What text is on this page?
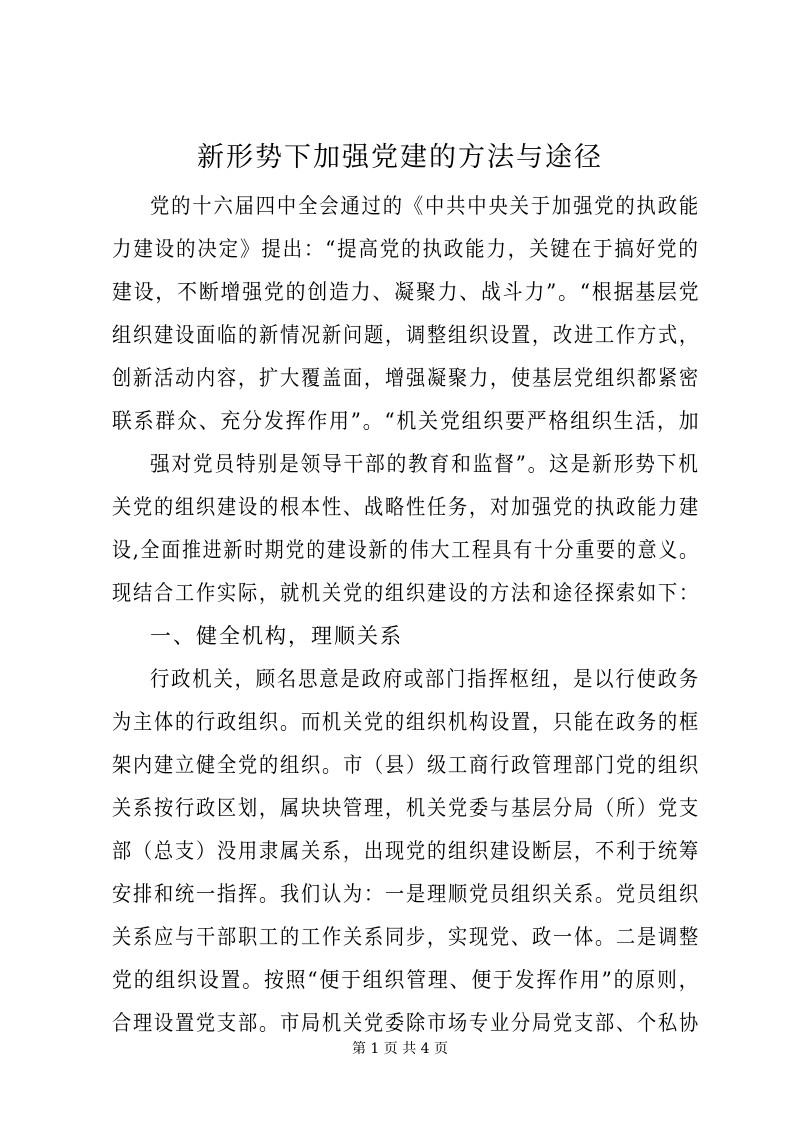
新形势下加强党建的方法与途径

党的十六届四中全会通过的《中共中央关于加强党的执政能

力建设的决定》提出：“提高党的执政能力，关键在于搞好党的

建设，不断增强党的创造力、凝聚力、战斗力”。“根据基层党

组织建设面临的新情况新问题，调整组织设置，改进工作方式，

创新活动内容，扩大覆盖面，增强凝聚力，使基层党组织都紧密

联系群众、充分发挥作用”。“机关党组织要严格组织生活，加

强对党员特别是领导干部的教育和监督”。这是新形势下机

关党的组织建设的根本性、战略性任务，对加强党的执政能力建

设,全面推进新时期党的建设新的伟大工程具有十分重要的意义。

现结合工作实际，就机关党的组织建设的方法和途径探索如下：

一、健全机构，理顺关系

行政机关，顾名思意是政府或部门指挥枢纽，是以行使政务

为主体的行政组织。而机关党的组织机构设置，只能在政务的框

架内建立健全党的组织。市（县）级工商行政管理部门党的组织

关系按行政区划，属块块管理，机关党委与基层分局（所）党支

部（总支）没用隶属关系，出现党的组织建设断层，不利于统筹

安排和统一指挥。我们认为：一是理顺党员组织关系。党员组织

关系应与干部职工的工作关系同步，实现党、政一体。二是调整

党的组织设置。按照“便于组织管理、便于发挥作用”的原则，

合理设置党支部。市局机关党委除市场专业分局党支部、个私协

第 1 页 共 4 页
